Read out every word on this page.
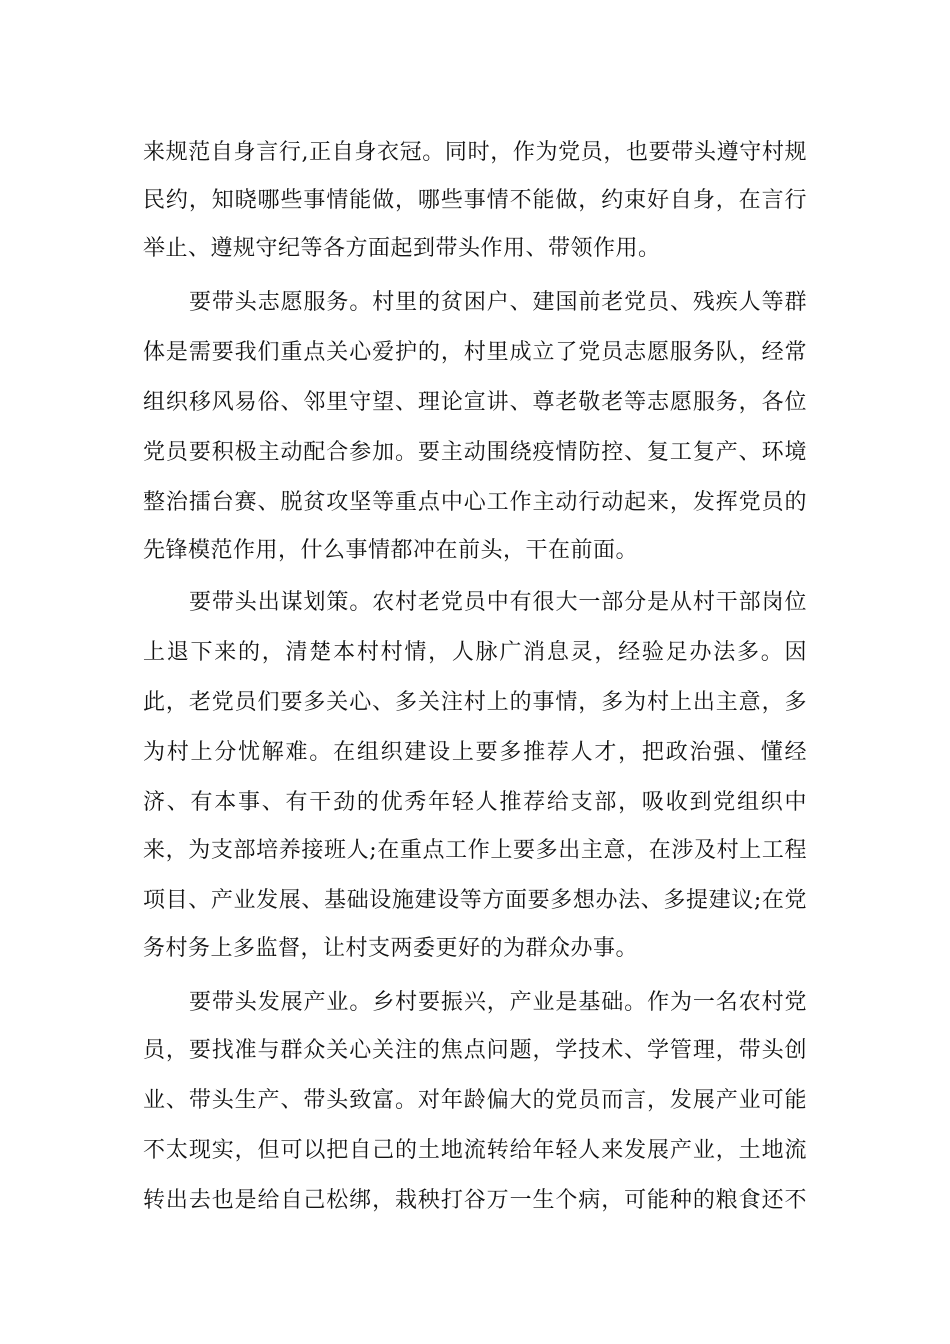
来规范自身言行,正自身衣冠。同时，作为党员，也要带头遵守村规
民约，知晓哪些事情能做，哪些事情不能做，约束好自身，在言行
举止、遵规守纪等各方面起到带头作用、带领作用。
要带头志愿服务。村里的贫困户、建国前老党员、残疾人等群
体是需要我们重点关心爱护的，村里成立了党员志愿服务队，经常
组织移风易俗、邻里守望、理论宣讲、尊老敬老等志愿服务，各位
党员要积极主动配合参加。要主动围绕疫情防控、复工复产、环境
整治擂台赛、脱贫攻坚等重点中心工作主动行动起来，发挥党员的
先锋模范作用，什么事情都冲在前头，干在前面。
要带头出谋划策。农村老党员中有很大一部分是从村干部岗位
上退下来的，清楚本村村情，人脉广消息灵，经验足办法多。因
此，老党员们要多关心、多关注村上的事情，多为村上出主意，多
为村上分忧解难。在组织建设上要多推荐人才，把政治强、懂经
济、有本事、有干劲的优秀年轻人推荐给支部，吸收到党组织中
来，为支部培养接班人;在重点工作上要多出主意，在涉及村上工程
项目、产业发展、基础设施建设等方面要多想办法、多提建议;在党
务村务上多监督，让村支两委更好的为群众办事。
要带头发展产业。乡村要振兴，产业是基础。作为一名农村党
员，要找准与群众关心关注的焦点问题，学技术、学管理，带头创
业、带头生产、带头致富。对年龄偏大的党员而言，发展产业可能
不太现实，但可以把自己的土地流转给年轻人来发展产业，土地流
转出去也是给自己松绑，栽秧打谷万一生个病，可能种的粮食还不
